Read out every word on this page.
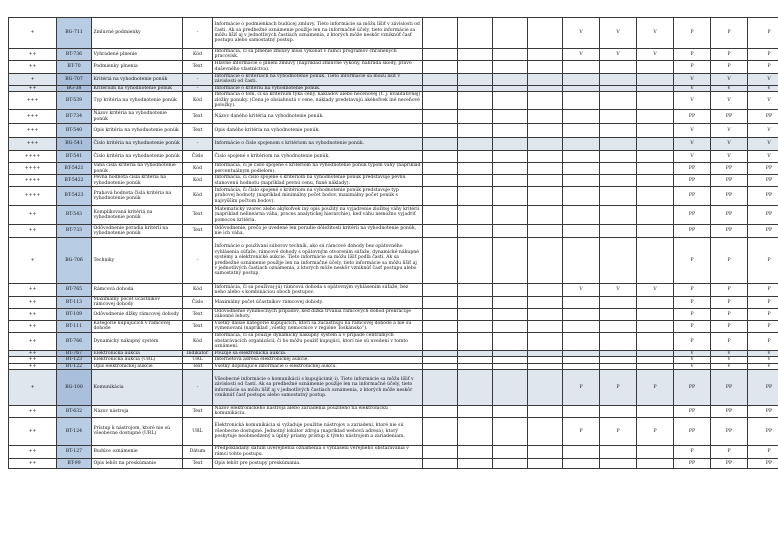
+	BG-711	Zmluvné podmienky	-	Informácie o podmienkach budúcej zmluvy. Tieto informácie sa môžu líšiť v závislosti od časti. Ak sa predbežné oznámenie použije len na informačné účely, tieto informácie sa môžu líšiť aj v jednotlivých častiach oznámenia, z ktorých môže neskôr vzniknúť časť postupu alebo samostatný postup.					V	V	V	P	P	P
++	BT-736	Vyhradené plnenie	Kód	Informácia, či sa plnenie zmluvy musí vykonať v rámci programov chránených pracovísk.					V	V	V	P	P	P
++	BT-70	Podmienky plnenia	Text	Hlavné informácie o plnení zmluvy (napríklad zmluvné výkony, náhrada škody, právo duševného vlastníctva).								P	P	P
+	BG-707	Kritériá na vyhodnotenie ponúk	-	Informácie o kritériách na vyhodnotenie ponúk. Tieto informácie sa môžu líšiť v závislosti od časti.								V	V	V
++	BG-38	Kritérium na vyhodnotenie ponúk	-	Informácie o kritériu na vyhodnotenie ponúk.								V	V	V
+++	BT-539	Typ kritéria na vyhodnotenie ponúk	Kód	Informácia o tom, či sa kritérium týka ceny, nákladov alebo neceňovej (t. j. kvalitatívnej) zložky ponuky. (Cena je obsiahnutá v cene, náklady predstavujú akékoľvek iné neceňové položky).								V	V	V
+++	BT-734	Názov kritéria na vyhodnotenie ponúk	Text	Názov daného kritéria na vyhodnotenie ponúk.								PP	PP	PP
+++	BT-540	Opis kritéria na vyhodnotenie ponúk	Text	Opis daného kritéria na vyhodnotenie ponúk.								V	V	V
+++	BG-541	Číslo kritéria na vyhodnotenie ponúk	-	Informácie o čísle spojenom s kritériom na vyhodnotenie ponúk.								V	V	V
++++	BT-541	Číslo kritéria na vyhodnotenie ponúk	Číslo	Číslo spojené s kritériom na vyhodnotenie ponúk.								V	V	V
++++	BT-5421	Váha čísla kritéria na vyhodnotenie ponúk	Kód	Informácia, či je číslo spojené s kritériom na vyhodnotenie ponúk typom váhy (napríklad percentuálnym podielom).								PP	PP	PP
++++	BT-5422	Pevná hodnota čísla kritéria na vyhodnotenie ponúk	Kód	Informácia, či číslo spojené s kritériom na vyhodnotenie ponúk predstavuje pevnú stanovenú hodnotu (napríklad pevnú cenu, fixné náklady).								PP	PP	PP
++++	BT-5423	Prahová hodnota čísla kritéria na vyhodnotenie ponúk	Kód	Informácia, či číslo spojené s kritériom na vyhodnotenie ponúk predstavuje typ prahovej hodnoty (napríklad minimálny počet bodov, maximálny počet ponúk s najvyšším počtom bodov).								PP	PP	PP
++	BT-543	Komplikovaná kritériá na vyhodnotenie ponúk	Text	Matematický vzorec alebo akýkoľvek iný opis použitý na vyjadrenie zložitej váhy kritérií (napríklad nelineárna váha, proces analytickej hierarchie), keď váhu nemožno vyjadriť pomocou kritéria.								PP	PP	PP
++	BT-733	Odôvodnenie poradia kritérií na vyhodnotenie ponúk	Text	Odôvodnenie, prečo je uvedené len poradie dôležitosti kritérií na vyhodnotenie ponúk, nie ich váha.								PP	PP	PP
+	BG-706	Techniky	-	Informácie o používaní súborov techník, ako sú rámcové dohody bez opätovného vyhlásenia súťaže, rámcové dohody s opätovným otvorením súťaže, dynamické nákupné systémy a elektronické aukcie. Tieto informácie sa môžu líšiť podľa častí. Ak sa predbežné oznámenie použije len na informačné účely, tieto informácie sa môžu líšiť aj v jednotlivých častiach oznámenia, z ktorých môže neskôr vzniknúť časť postupu alebo samostatný postup.								P	P	P
++	BT-765	Rámcová dohoda	Kód	Informácia, či sa používa(-jú) rámcová dohoda s opätovným vyhlásením súťaže, bez neho alebo s kombináciou oboch postupov.					V	V	V	P	P	P
++	BT-113	Maximálny počet účastníkov rámcovej dohody	Číslo	Maximálny počet účastníkov rámcovej dohody.								P	P	P
++	BT-109	Odôvodnenie dĺžky rámcovej dohody	Text	Odôvodnenie výnimočných prípadov, keď dĺžka trvania rámcových dohôd prekračuje zákonné lehoty.								P	P	P
++	BT-111	Kategórie kupujúcich v rámcovej dohode	Text	Všetky ďalšie kategórie kupujúcich, ktorí sa zúčastňujú na rámcovej dohode a nie sú vymenovaní (napríklad „všetky nemocnice v regióne Toskánsko“).								P	P	P
++	BT-766	Dynamický nákupný systém	Kód	Informácia, či sa použije dynamický nákupný systém a v prípade centrálnych obstarávacích organizácií, či ho môžu použiť kupujúci, ktorí nie sú uvedení v tomto oznámení.								P	P	P
++	BT-767	Elektronická aukcia	Indikátor	Použije sa elektronická aukcia.								V	V	V
++	BT-123	Elektronická aukcia (URL)	URL	Internetová adresa elektronickej aukcie.								V	V	V
++	BT-122	Opis elektronickej aukcie	Text	Všetky doplňujúce informácie o elektronickej aukcii.								V	V	V
+	BG-100	Komunikácia	-	Všeobecné informácie o komunikácii s kupujúcimi(-i). Tieto informácie sa môžu líšiť v závislosti od častí. Ak sa predbežné oznámenie použije len na informačné účely, tieto informácie sa môžu líšiť aj v jednotlivých častiach oznámenia, z ktorých môže neskôr vzniknúť časť postupu alebo samostatný postup.					P	P	P	PP	PP	PP
++	BT-632	Názov nástroja	Text	Názov elektronického nástroja alebo zariadenia použitého na elektronickú komunikáciu.								PP	PP	PP
++	BT-124	Prístup k nástrojom, ktoré nie sú všeobecne dostupné (URL)	URL	Elektronická komunikácia si vyžaduje použitie nástrojov a zariadení, ktoré nie sú všeobecne dostupné. Jednotný lokátor zdroja (napríklad webová adresa), ktorý poskytuje neobmedzený a úplný priamy prístup k týmto nástrojom a zariadeniam.					P	P	P	PP	PP	PP
++	BT-127	Budúce oznámenie	Dátum	Predpokladaný dátum uverejnenia oznámenia o vyhlásení verejného obstarávania v rámci tohto postupu.								P	P	P
++	BT-99	Opis lehôt na preskúmanie	Text	Opis lehôt pre postupy preskúmania.								PP	PP	PP
